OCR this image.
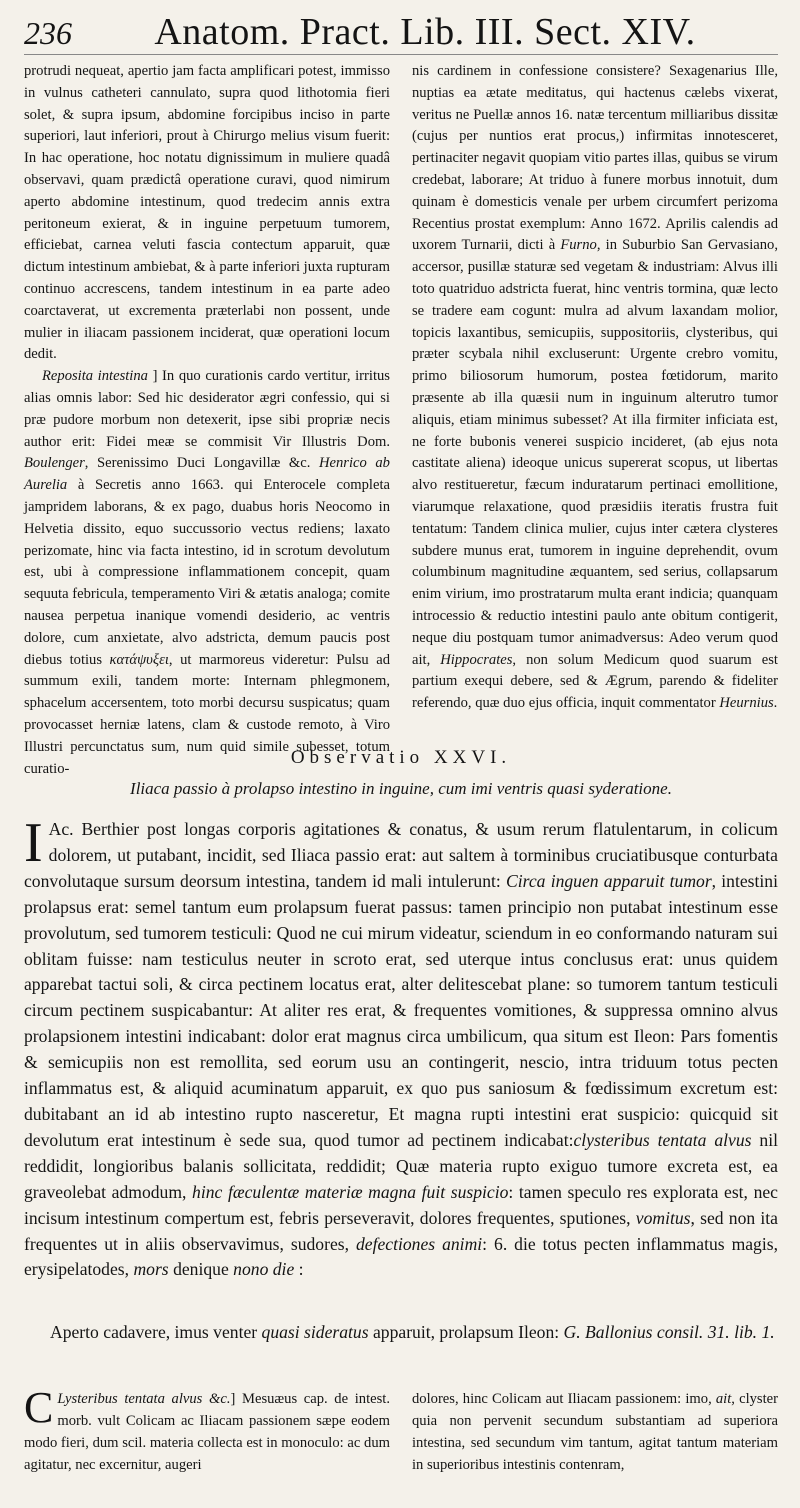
236	Anatom. Pract. Lib. III. Sect. XIV.

protrudi nequeat, apertio jam facta amplificari potest, immisso in vulnus catheteri cannulato, supra quod lithotomia fieri solet, & supra ipsum, abdomine forcipibus inciso in parte superiori, laut inferiori, prout à Chirurgo melius visum fuerit: In hac operatione, hoc notatu dignissimum in muliere quadâ observavi, quam prædictâ operatione curavi, quod nimirum aperto abdomine intestinum, quod tredecim annis extra peritoneum exierat, & in inguine perpetuum tumorem, efficiebat, carnea veluti fascia contectum apparuit, quæ dictum intestinum ambiebat, & à parte inferiori juxta rupturam continuo accrescens, tandem intestinum in ea parte adeo coarctaverat, ut excrementa præterlabi non possent, unde mulier in iliacam passionem inciderat, quæ operationi locum dedit.

Reposita intestina ] In quo curationis cardo vertitur, irritus alias omnis labor: Sed hic desiderator ægri confessio, qui si præ pudore morbum non detexerit, ipse sibi propriæ necis author erit: Fidei meæ se commisit Vir Illustris Dom. Boulenger, Serenissimo Duci Longavillæ &c. Henrico ab Aurelia à Secretis anno 1663. qui Enterocele completa jampridem laborans, & ex pago, duabus horis Neocomo in Helvetia dissito, equo succussorio vectus rediens; laxato perizomate, hinc via facta intestino, id in scrotum devolutum est, ubi à compressione inflammationem concepit, quam sequuta febricula, temperamento Viri & ætatis analoga; comite nausea perpetua inanique vomendi desiderio, ac ventris dolore, cum anxietate, alvo adstricta, demum paucis post diebus totius κατάψυξει, ut marmoreus videretur: Pulsu ad summum exili, tandem morte: Internam phlegmonem, sphacelum accersentem, toto morbi decursu suspicatus; quam provocasset herniæ latens, clam & custode remoto, à Viro Illustri percunctatus sum, num quid simile subesset, totum curatio-

nis cardinem in confessione consistere? Sexagenarius Ille, nuptias ea ætate meditatus, qui hactenus cælebs vixerat, veritus ne Puellæ annos 16. natæ tercentum milliaribus dissitæ (cujus per nuntios erat procus,) infirmitas innotesceret, pertinaciter negavit quopiam vitio partes illas, quibus se virum credebat, laborare; At triduo à funere morbus innotuit, dum quinam è domesticis venale per urbem circumfert perizoma Recentius prostat exemplum: Anno 1672. Aprilis calendis ad uxorem Turnarii, dicti à Furno, in Suburbio San Gervasiano, accersor, pusillæ staturæ sed vegetam & industriam: Alvus illi toto quatriduo adstricta fuerat, hinc ventris tormina, quæ lecto se tradere eam cogunt: mulra ad alvum laxandam molior, topicis laxantibus, semicupiis, suppositoriis, clysteribus, qui præter scybala nihil excluserunt: Urgente crebro vomitu, primo biliosorum humorum, postea fœtidorum, marito præsente ab illa quæsii num in inguinum alterutro tumor aliquis, etiam minimus subesset? At illa firmiter inficiata est, ne forte bubonis venerei suspicio incideret, (ab ejus nota castitate aliena) ideoque unicus supererat scopus, ut libertas alvo restitueretur, fæcum induratarum pertinaci emollitione, viarumque relaxatione, quod præsidiis iteratis frustra fuit tentatum: Tandem clinica mulier, cujus inter cætera clysteres subdere munus erat, tumorem in inguine deprehendit, ovum columbinum magnitudine æquantem, sed serius, collapsarum enim virium, imo prostratarum multa erant indicia; quanquam introcessio & reductio intestini paulo ante obitum contigerit, neque diu postquam tumor animadversus: Adeo verum quod ait, Hippocrates, non solum Medicum quod suarum est partium exequi debere, sed & Ægrum, parendo & fideliter referendo, quæ duo ejus officia, inquit commentator Heurnius.

Observatio XXVI.
Iliaca passio à prolapso intestino in inguine, cum imi ventris quasi syderatione.

I Ac. Berthier post longas corporis agitationes & conatus, & usum rerum flatulentarum, in colicum dolorem, ut putabant, incidit, sed Iliaca passio erat: aut saltem à torminibus cruciatibusque conturbata convolutaque sursum deorsum intestina, tandem id mali intulerunt: Circa inguen apparuit tumor, intestini prolapsus erat: semel tantum eum prolapsum fuerat passus: tamen principio non putabat intestinum esse provolutum, sed tumorem testiculi: Quod ne cui mirum videatur, sciendum in eo conformando naturam sui oblitam fuisse: nam testiculus neuter in scroto erat, sed uterque intus conclusus erat: unus quidem apparebat tactui soli, & circa pectinem locatus erat, alter delitescebat plane: so tumorem tantum testiculi circum pectinem suspicabantur: At aliter res erat, & frequentes vomitiones, & suppressa omnino alvus prolapsionem intestini indicabant: dolor erat magnus circa umbilicum, qua situm est Ileon: Pars fomentis & semicupiis non est remollita, sed eorum usu an contingerit, nescio, intra triduum totus pecten inflammatus est, & aliquid acuminatum apparuit, ex quo pus saniosum & fœdissimum excretum est: dubitabant an id ab intestino rupto nasceretur, Et magna rupti intestini erat suspicio: quicquid sit devolutum erat intestinum è sede sua, quod tumor ad pectinem indicabat:clysteribus tentata alvus nil reddidit, longioribus balanis sollicitata, reddidit; Quæ materia rupto exiguo tumore excreta est, ea graveolebat admodum, hinc fæculentæ materiæ magna fuit suspicio: tamen speculo res explorata est, nec incisum intestinum compertum est, febris perseveravit, dolores frequentes, sputiones, vomitus, sed non ita frequentes ut in aliis observavimus, sudores, defectiones animi: 6. die totus pecten inflammatus magis, erysipelatodes, mors denique nono die :

Aperto cadavere, imus venter quasi sideratus apparuit, prolapsum Ileon: G. Ballonius consil. 31. lib. 1.

C Lysteribus tentata alvus &c.] Mesuæus cap. de intest. morb. vult Colicam ac Iliacam passionem sæpe eodem modo fieri, dum scil. materia collecta est in monoculo: ac dum agitatur, nec excernitur, augeri

dolores, hinc Colicam aut Iliacam passionem: imo, ait, clyster quia non pervenit secundum substantiam ad superiora intestina, sed secundum vim tantum, agitat tantum materiam in superioribus intestinis contenram,
